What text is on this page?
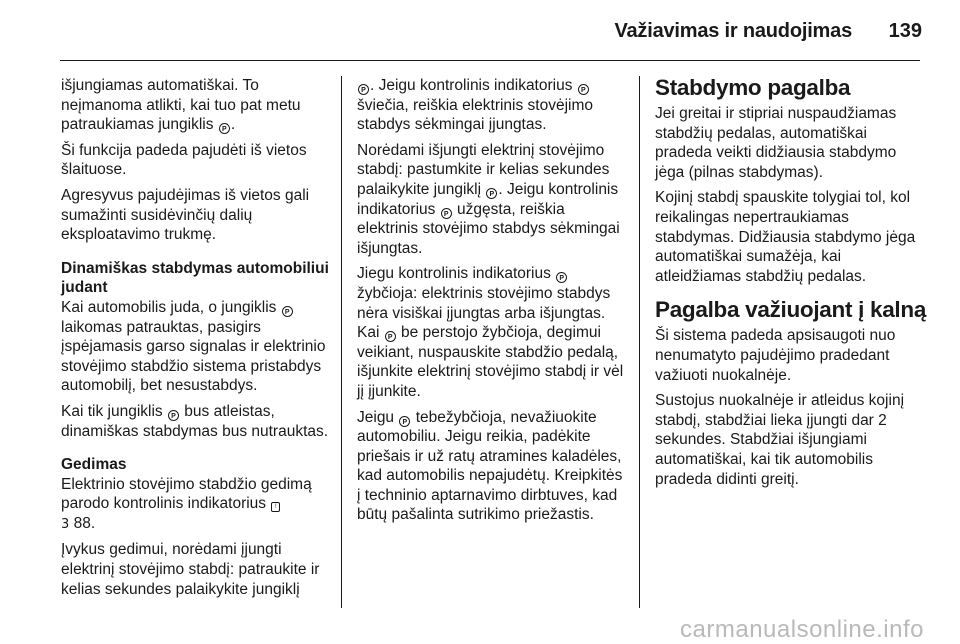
Važiavimas ir naudojimas 139

išjungiamas automatiškai. To neįmanoma atlikti, kai tuo pat metu patraukiamas jungiklis P .

Ši funkcija padeda pajudėti iš vietos šlaituose.

Agresyvus pajudėjimas iš vietos gali sumažinti susidėvinčių dalių eksploatavimo trukmę.

Dinamiškas stabdymas automobiliui judant

Kai automobilis juda, o jungiklis P laikomas patrauktas, pasigirs įspėjamasis garso signalas ir elektrinio stovėjimo stabdžio sistema pristabdys automobilį, bet nesustabdys.

Kai tik jungiklis P bus atleistas, dinamiškas stabdymas bus nutrauktas.

Gedimas

Elektrinio stovėjimo stabdžio gedimą parodo kontrolinis indikatorius !
3 88.

Įvykus gedimui, norėdami įjungti elektrinį stovėjimo stabdį: patraukite ir kelias sekundes palaikykite jungiklį

P . Jeigu kontrolinis indikatorius P šviečia, reiškia elektrinis stovėjimo stabdys sėkmingai įjungtas.

Norėdami išjungti elektrinį stovėjimo stabdį: pastumkite ir kelias sekundes palaikykite jungiklį P . Jeigu kontrolinis indikatorius P užgęsta, reiškia elektrinis stovėjimo stabdys sėkmingai išjungtas.

Jiegu kontrolinis indikatorius P žybčioja: elektrinis stovėjimo stabdys nėra visiškai įjungtas arba išjungtas. Kai P be perstojo žybčioja, degimui veikiant, nuspauskite stabdžio pedalą, išjunkite elektrinį stovėjimo stabdį ir vėl jį įjunkite.

Jeigu P tebežybčioja, nevažiuokite automobiliu. Jeigu reikia, padėkite priešais ir už ratų atramines kaladėles, kad automobilis nepajudėtų. Kreipkitės į techninio aptarnavimo dirbtuves, kad būtų pašalinta sutrikimo priežastis.

Stabdymo pagalba

Jei greitai ir stipriai nuspaudžiamas stabdžių pedalas, automatiškai pradeda veikti didžiausia stabdymo jėga (pilnas stabdymas).

Kojinį stabdį spauskite tolygiai tol, kol reikalingas nepertraukiamas stabdymas. Didžiausia stabdymo jėga automatiškai sumažėja, kai atleidžiamas stabdžių pedalas.

Pagalba važiuojant į kalną

Ši sistema padeda apsisaugoti nuo nenumatyto pajudėjimo pradedant važiuoti nuokalnėje.

Sustojus nuokalnėje ir atleidus kojinį stabdį, stabdžiai lieka įjungti dar 2 sekundes. Stabdžiai išjungiami automatiškai, kai tik automobilis pradeda didinti greitį.

carmanualsonline.info
